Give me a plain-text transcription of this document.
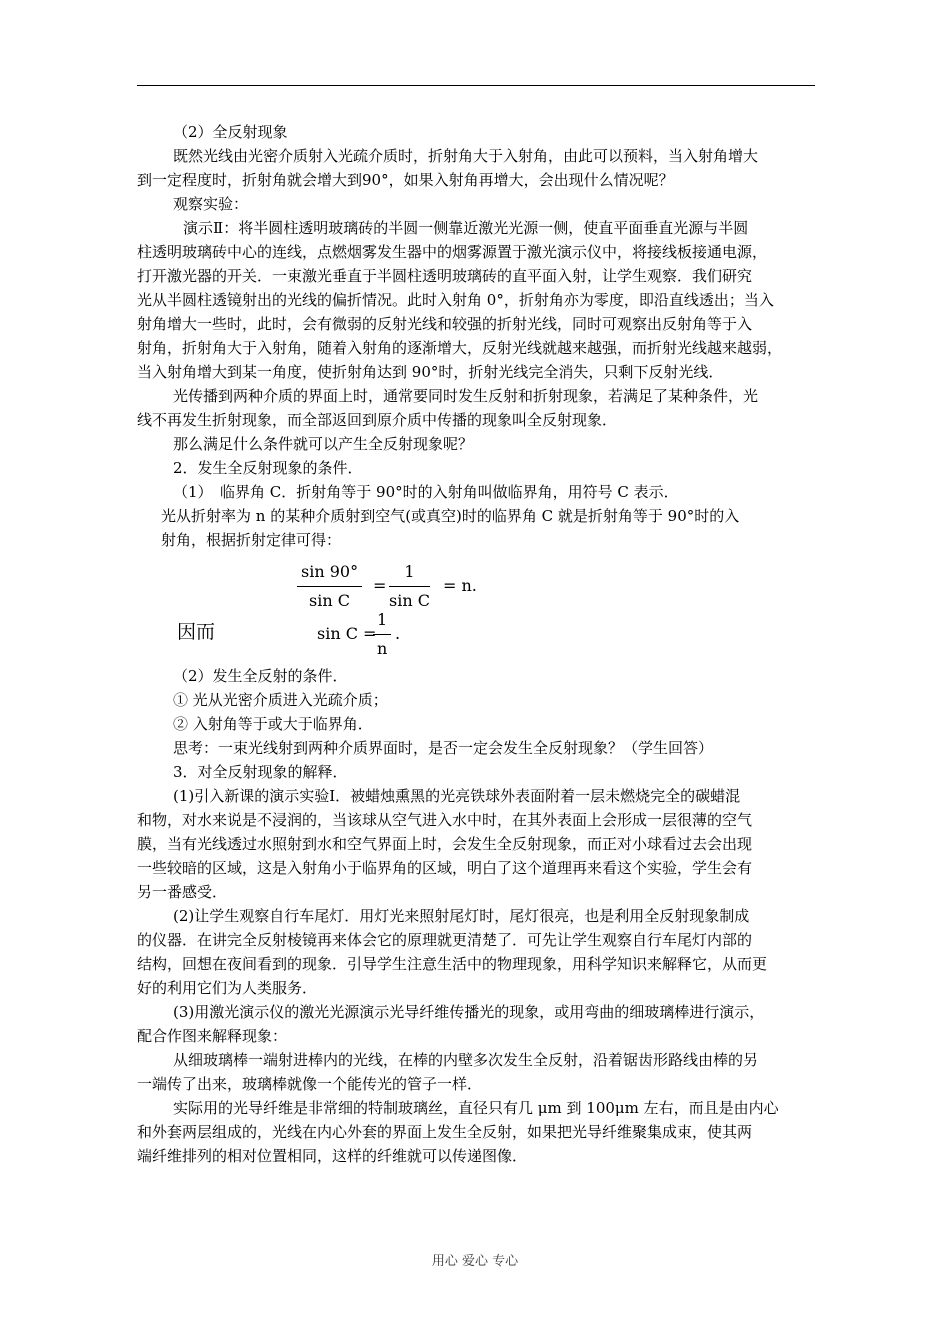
（2）全反射现象
既然光线由光密介质射入光疏介质时，折射角大于入射角，由此可以预料，当入射角增大
到一定程度时，折射角就会增大到90°，如果入射角再增大，会出现什么情况呢？
观察实验：
演示Ⅱ：将半圆柱透明玻璃砖的半圆一侧靠近激光光源一侧，使直平面垂直光源与半圆
柱透明玻璃砖中心的连线，点燃烟雾发生器中的烟雾源置于激光演示仪中，将接线板接通电源，
打开激光器的开关．一束激光垂直于半圆柱透明玻璃砖的直平面入射，让学生观察．我们研究
光从半圆柱透镜射出的光线的偏折情况。此时入射角 0°，折射角亦为零度，即沿直线透出；当入
射角增大一些时，此时，会有微弱的反射光线和较强的折射光线，同时可观察出反射角等于入
射角，折射角大于入射角，随着入射角的逐渐增大，反射光线就越来越强，而折射光线越来越弱，
当入射角增大到某一角度，使折射角达到 90°时，折射光线完全消失，只剩下反射光线．
光传播到两种介质的界面上时，通常要同时发生反射和折射现象，若满足了某种条件，光
线不再发生折射现象，而全部返回到原介质中传播的现象叫全反射现象．
那么满足什么条件就可以产生全反射现象呢？
2．发生全反射现象的条件．
（1）　临界角 C．折射角等于 90°时的入射角叫做临界角，用符号 C 表示．
光从折射率为 n 的某种介质射到空气(或真空)时的临界角 C 就是折射角等于 90°时的入
射角，根据折射定律可得：
$\frac{\sin 90^\circ}{\text{sin C}} = \frac{1}{\text{sin C}} = n$.
因而	sin C =
$\frac{1}{n}$ .
（2）发生全反射的条件．
① 光从光密介质进入光疏介质；
② 入射角等于或大于临界角．
思考：一束光线射到两种介质界面时，是否一定会发生全反射现象？（学生回答）
3．对全反射现象的解释．
(1)引入新课的演示实验Ⅰ．被蜡烛熏黑的光亮铁球外表面附着一层未燃烧完全的碳蜡混
和物，对水来说是不浸润的，当该球从空气进入水中时，在其外表面上会形成一层很薄的空气
膜，当有光线透过水照射到水和空气界面上时，会发生全反射现象，而正对小球看过去会出现
一些较暗的区域，这是入射角小于临界角的区域，明白了这个道理再来看这个实验，学生会有
另一番感受．
(2)让学生观察自行车尾灯．用灯光来照射尾灯时，尾灯很亮，也是利用全反射现象制成
的仪器．在讲完全反射棱镜再来体会它的原理就更清楚了．可先让学生观察自行车尾灯内部的
结构，回想在夜间看到的现象．引导学生注意生活中的物理现象，用科学知识来解释它，从而更
好的利用它们为人类服务．
(3)用激光演示仪的激光光源演示光导纤维传播光的现象，或用弯曲的细玻璃棒进行演示，
配合作图来解释现象：
从细玻璃棒一端射进棒内的光线，在棒的内壁多次发生全反射，沿着锯齿形路线由棒的另
一端传了出来，玻璃棒就像一个能传光的管子一样．
实际用的光导纤维是非常细的特制玻璃丝，直径只有几 μm 到 100μm 左右，而且是由内心
和外套两层组成的，光线在内心外套的界面上发生全反射，如果把光导纤维聚集成束，使其两
端纤维排列的相对位置相同，这样的纤维就可以传递图像．
用心 爱心 专心
